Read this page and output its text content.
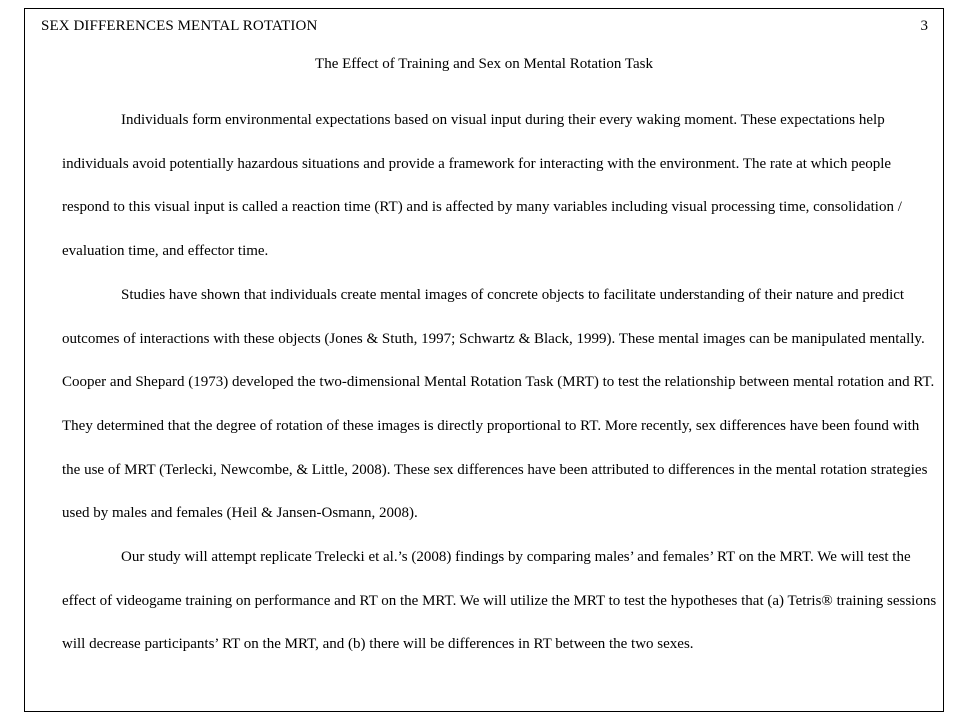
SEX DIFFERENCES MENTAL ROTATION	3
The Effect of Training and Sex on Mental Rotation Task

Individuals form environmental expectations based on visual input during their every waking moment. These expectations help individuals avoid potentially hazardous situations and provide a framework for interacting with the environment. The rate at which people respond to this visual input is called a reaction time (RT) and is affected by many variables including visual processing time, consolidation / evaluation time, and effector time.

Studies have shown that individuals create mental images of concrete objects to facilitate understanding of their nature and predict outcomes of interactions with these objects (Jones & Stuth, 1997; Schwartz & Black, 1999). These mental images can be manipulated mentally. Cooper and Shepard (1973) developed the two-dimensional Mental Rotation Task (MRT) to test the relationship between mental rotation and RT. They determined that the degree of rotation of these images is directly proportional to RT. More recently, sex differences have been found with the use of MRT (Terlecki, Newcombe, & Little, 2008). These sex differences have been attributed to differences in the mental rotation strategies used by males and females (Heil & Jansen-Osmann, 2008).

Our study will attempt replicate Trelecki et al.’s (2008) findings by comparing males’ and females’ RT on the MRT. We will test the effect of videogame training on performance and RT on the MRT. We will utilize the MRT to test the hypotheses that (a) Tetris® training sessions will decrease participants’ RT on the MRT, and (b) there will be differences in RT between the two sexes.
